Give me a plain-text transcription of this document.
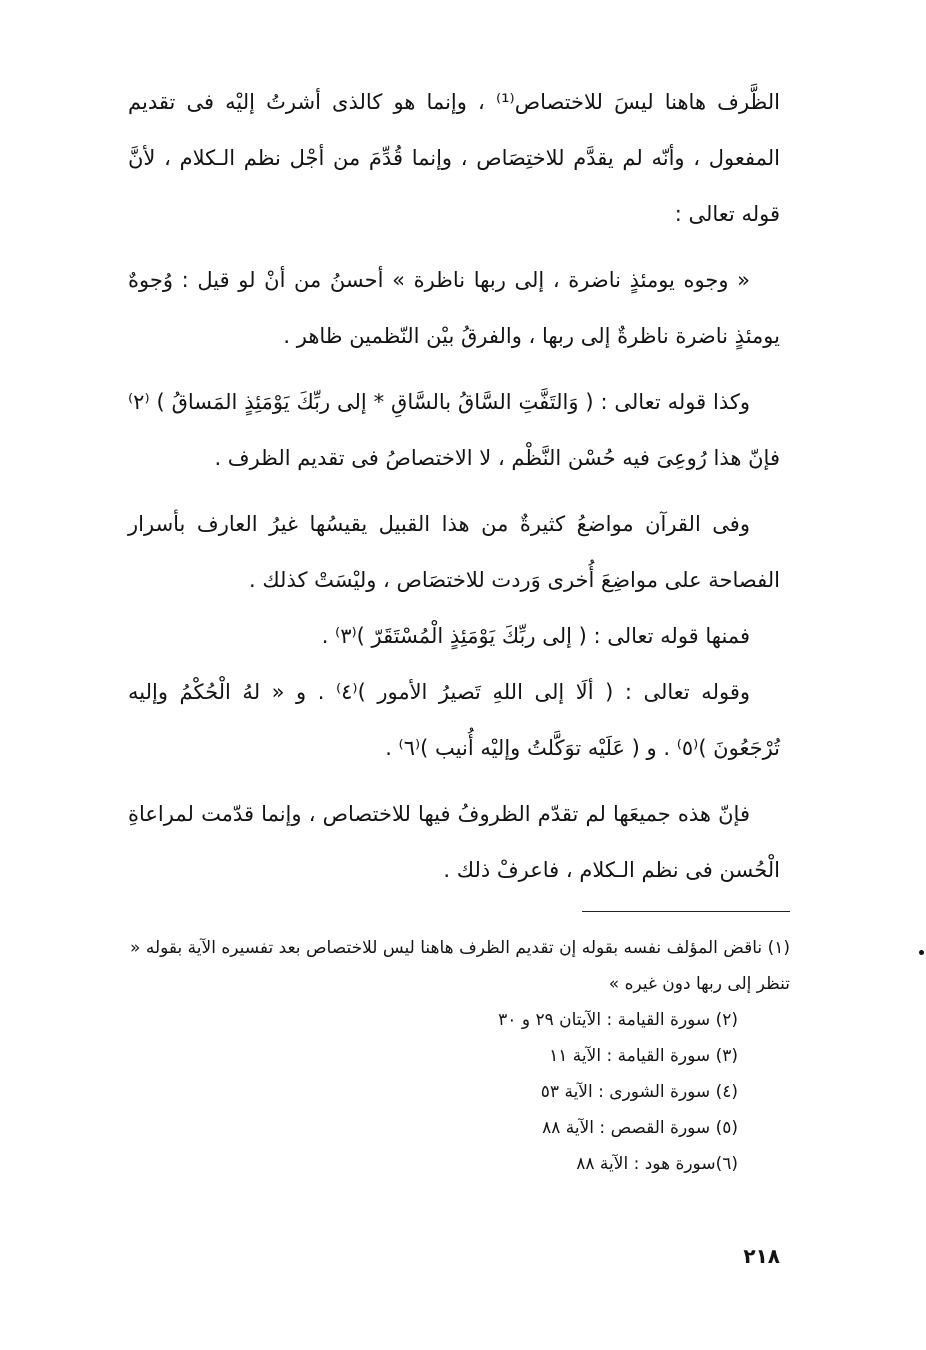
الظَّرف هاهنا ليسَ للاختصاص⁽¹⁾ ، وإنما هو كالذى أشرتُ إليْه فى تقديم المفعول ، وأنّه لم يقدَّم للاختِصَاص ، وإنما قُدِّمَ من أجْل نظم الـكلام ، لأنَّ قوله تعالى :

« وجوه يومئذٍ ناضرة ، إلى ربها ناظرة » أحسنُ من أنْ لو قيل : وُجوهٌ يومئذٍ ناضرة ناظرةٌ إلى ربها ، والفرقُ بيْن النّظمين ظاهر .

وكذا قوله تعالى : ( وَالتَفَّتِ السَّاقُ بالسَّاقِ * إلى ربِّكَ يَوْمَئِذٍ المَساقُ ) ⁽٢⁾ فإنّ هذا رُوعِىَ فيه حُسْن النَّظْم ، لا الاختصاصُ فى تقديم الظرف .

وفى القرآن مواضعُ كثيرةٌ من هذا القبيل يقيسُها غيرُ العارف بأسرار الفصاحة على مواضِعَ أُخرى وَردت للاختصَاص ، وليْسَتْ كذلك .

فمنها قوله تعالى : ( إلى ربِّكَ يَوْمَئِذٍ الْمُسْتَقَرّ )⁽٣⁾ .

وقوله تعالى : ( ألَا إلى اللهِ تَصيرُ الأمور )⁽٤⁾ . و « لهُ الْحُكْمُ وإليه تُرْجَعُونَ )⁽٥⁾ . و ( عَلَيْه توَكَّلتُ وإليْه أُنيب )⁽٦⁾ .

فإنّ هذه جميعَها لم تقدّم الظروفُ فيها للاختصاص ، وإنما قدّمت لمراعاةِ الْحُسن فى نظم الـكلام ، فاعرفْ ذلك .

(١) ناقض المؤلف نفسه بقوله إن تقديم الظرف هاهنا ليس للاختصاص بعد تفسيره الآية بقوله « تنظر إلى ربها دون غيره »

(٢) سورة القيامة : الآيتان ٢٩ و ٣٠

(٣) سورة القيامة : الآية ١١

(٤) سورة الشورى : الآية ٥٣

(٥) سورة القصص : الآية ٨٨

(٦)سورة هود : الآية ٨٨

٢١٨
